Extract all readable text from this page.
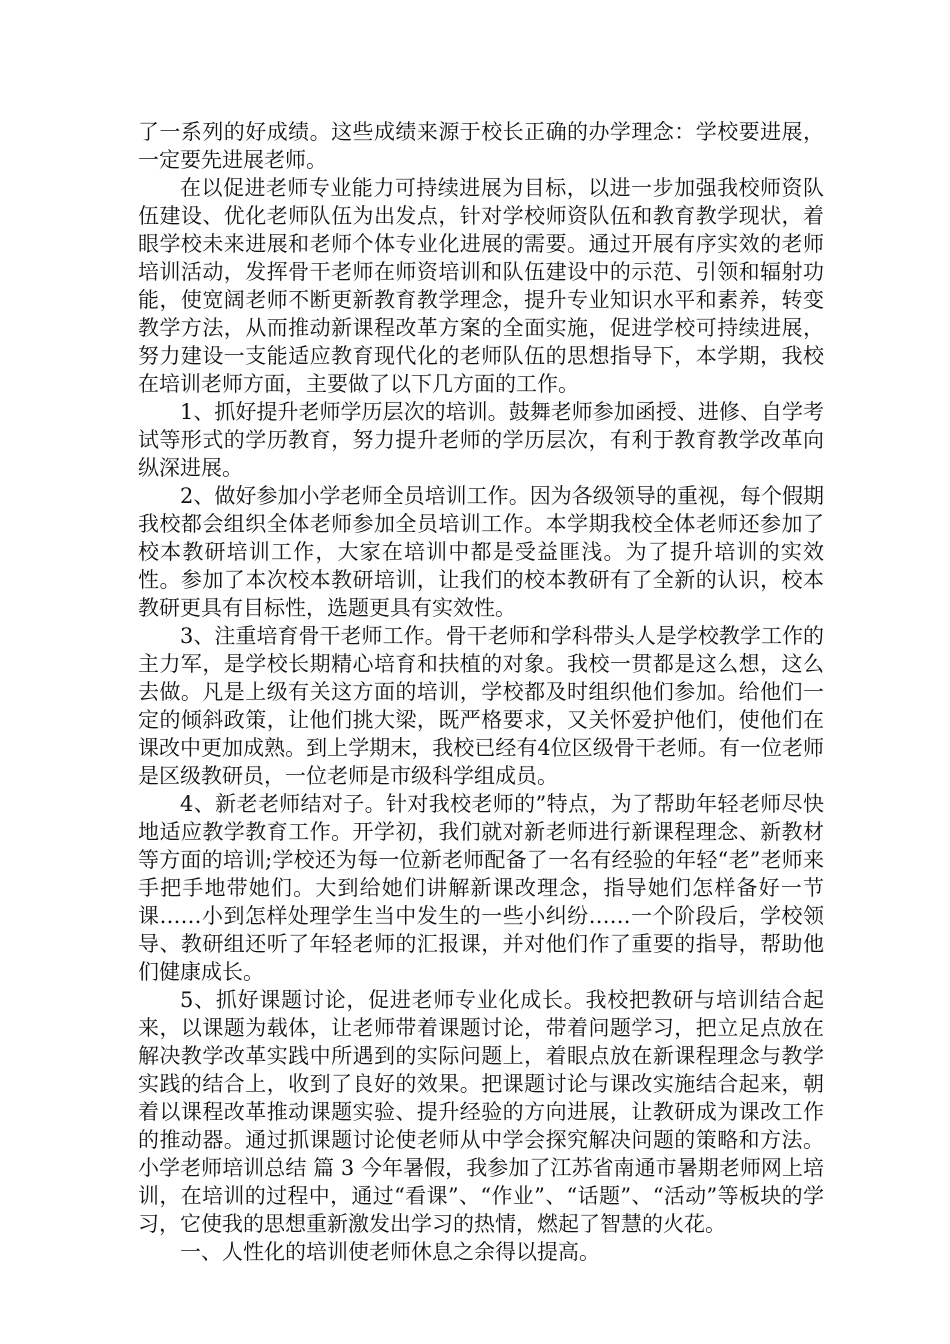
了一系列的好成绩。这些成绩来源于校长正确的办学理念：学校要进展，一定要先进展老师。

在以促进老师专业能力可持续进展为目标，以进一步加强我校师资队伍建设、优化老师队伍为出发点，针对学校师资队伍和教育教学现状，着眼学校未来进展和老师个体专业化进展的需要。通过开展有序实效的老师培训活动，发挥骨干老师在师资培训和队伍建设中的示范、引领和辐射功能，使宽阔老师不断更新教育教学理念，提升专业知识水平和素养，转变教学方法，从而推动新课程改革方案的全面实施，促进学校可持续进展，努力建设一支能适应教育现代化的老师队伍的思想指导下，本学期，我校在培训老师方面，主要做了以下几方面的工作。

1、抓好提升老师学历层次的培训。鼓舞老师参加函授、进修、自学考试等形式的学历教育，努力提升老师的学历层次，有利于教育教学改革向纵深进展。

2、做好参加小学老师全员培训工作。因为各级领导的重视，每个假期我校都会组织全体老师参加全员培训工作。本学期我校全体老师还参加了校本教研培训工作，大家在培训中都是受益匪浅。为了提升培训的实效性。参加了本次校本教研培训，让我们的校本教研有了全新的认识，校本教研更具有目标性，选题更具有实效性。

3、注重培育骨干老师工作。骨干老师和学科带头人是学校教学工作的主力军，是学校长期精心培育和扶植的对象。我校一贯都是这么想，这么去做。凡是上级有关这方面的培训，学校都及时组织他们参加。给他们一定的倾斜政策，让他们挑大梁，既严格要求，又关怀爱护他们，使他们在课改中更加成熟。到上学期末，我校已经有4位区级骨干老师。有一位老师是区级教研员，一位老师是市级科学组成员。

4、新老老师结对子。针对我校老师的”特点，为了帮助年轻老师尽快地适应教学教育工作。开学初，我们就对新老师进行新课程理念、新教材等方面的培训;学校还为每一位新老师配备了一名有经验的年轻“老”老师来手把手地带她们。大到给她们讲解新课改理念，指导她们怎样备好一节课……小到怎样处理学生当中发生的一些小纠纷……一个阶段后，学校领导、教研组还听了年轻老师的汇报课，并对他们作了重要的指导，帮助他们健康成长。

5、抓好课题讨论，促进老师专业化成长。我校把教研与培训结合起来，以课题为载体，让老师带着课题讨论，带着问题学习，把立足点放在解决教学改革实践中所遇到的实际问题上，着眼点放在新课程理念与教学实践的结合上，收到了良好的效果。把课题讨论与课改实施结合起来，朝着以课程改革推动课题实验、提升经验的方向进展，让教研成为课改工作的推动器。通过抓课题讨论使老师从中学会探究解决问题的策略和方法。小学老师培训总结 篇 3 今年暑假，我参加了江苏省南通市暑期老师网上培训，在培训的过程中，通过“看课”、“作业”、“话题”、“活动”等板块的学习，它使我的思想重新激发出学习的热情，燃起了智慧的火花。

一、人性化的培训使老师休息之余得以提高。
